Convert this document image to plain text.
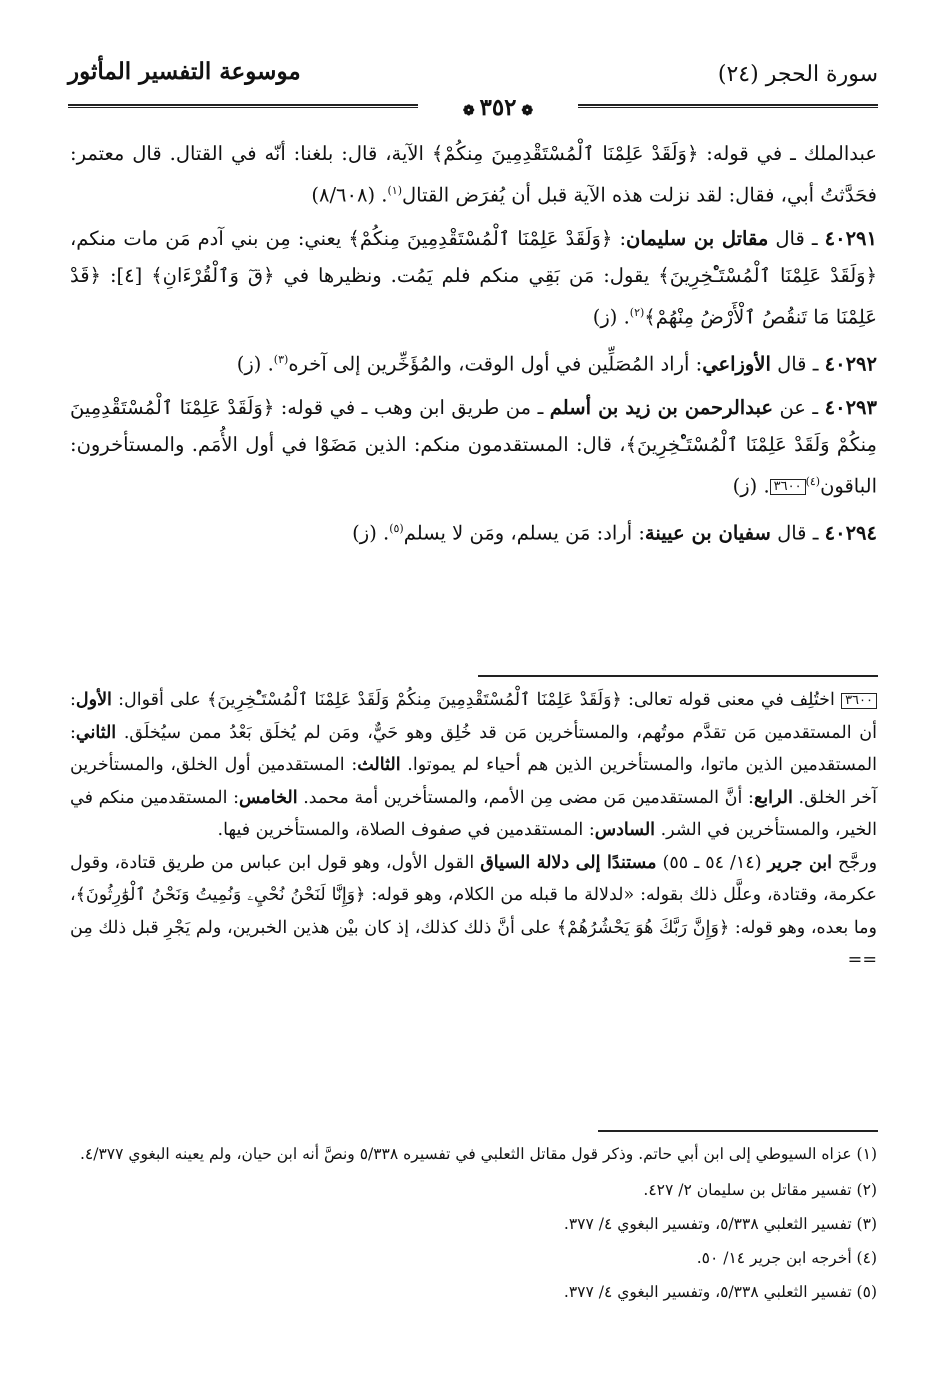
سورة الحجر (٢٤)
موسوعة التفسير المأثور
❁ ٣٥٢ ❁

عبدالملك ـ في قوله: ﴿وَلَقَدْ عَلِمْنَا ٱلْمُسْتَقْدِمِينَ مِنكُمْ﴾ الآية، قال: بلغنا: أنّه في القتال. قال معتمر: فحَدَّثتُ أبي، فقال: لقد نزلت هذه الآية قبل أن يُفرَض القتال$^{(١)}$. (٨/٦٠٨)

٤٠٢٩١ ـ قال مقاتل بن سليمان: ﴿وَلَقَدْ عَلِمْنَا ٱلْمُسْتَقْدِمِينَ مِنكُمْ﴾ يعني: مِن بني آدم مَن مات منكم، ﴿وَلَقَدْ عَلِمْنَا ٱلْمُسْتَـْٔخِرِينَ﴾ يقول: مَن بَقِي منكم فلم يَمُت. ونظيرها في ﴿قٓ وَٱلْقُرْءَانِ﴾ [٤]: ﴿قَدْ عَلِمْنَا مَا تَنقُصُ ٱلْأَرْضُ مِنْهُمْ﴾$^{(٢)}$. (ز)

٤٠٢٩٢ ـ قال الأوزاعي: أراد المُصَلِّين في أول الوقت، والمُؤَخِّرين إلى آخره$^{(٣)}$. (ز)

٤٠٢٩٣ ـ عن عبدالرحمن بن زيد بن أسلم ـ من طريق ابن وهب ـ في قوله: ﴿وَلَقَدْ عَلِمْنَا ٱلْمُسْتَقْدِمِينَ مِنكُمْ وَلَقَدْ عَلِمْنَا ٱلْمُسْتَـْٔخِرِينَ﴾، قال: المستقدمون منكم: الذين مَضَوْا في أول الأُمَم. والمستأخرون: الباقون$^{(٤)}$٣٦٠٠. (ز)

٤٠٢٩٤ ـ قال سفيان بن عيينة: أراد: مَن يسلم، ومَن لا يسلم$^{(٥)}$. (ز)

٣٦٠٠ اختُلِف في معنى قوله تعالى: ﴿وَلَقَدْ عَلِمْنَا ٱلْمُسْتَقْدِمِينَ مِنكُمْ وَلَقَدْ عَلِمْنَا ٱلْمُسْتَـْٔخِرِينَ﴾ على أقوال: الأول: أن المستقدمين مَن تقدَّم موتُهم، والمستأخرين مَن قد خُلِق وهو حَيٌّ، ومَن لم يُخلَق بَعْدُ ممن سيُخلَق. الثاني: المستقدمين الذين ماتوا، والمستأخرين الذين هم أحياء لم يموتوا. الثالث: المستقدمين أول الخلق، والمستأخرين آخر الخلق. الرابع: أنَّ المستقدمين مَن مضى مِن الأمم، والمستأخرين أمة محمد. الخامس: المستقدمين منكم في الخير، والمستأخرين في الشر. السادس: المستقدمين في صفوف الصلاة، والمستأخرين فيها.

ورجَّح ابن جرير (١٤/ ٥٤ ـ ٥٥) مستندًا إلى دلالة السياق القول الأول، وهو قول ابن عباس من طريق قتادة، وقول عكرمة، وقتادة، وعلَّل ذلك بقوله: «لدلالة ما قبله من الكلام، وهو قوله: ﴿وَإِنَّا لَنَحْنُ نُحْيِۦ وَنُمِيتُ وَنَحْنُ ٱلْوَٰرِثُونَ﴾، وما بعده، وهو قوله: ﴿وَإِنَّ رَبَّكَ هُوَ يَحْشُرُهُمْ﴾ على أنَّ ذلك كذلك، إذ كان بيْن هذين الخبرين، ولم يَجْرِ قبل ذلك مِن ==

(١) عزاه السيوطي إلى ابن أبي حاتم. وذكر قول مقاتل الثعلبي في تفسيره ٥/٣٣٨ ونصَّ أنه ابن حيان، ولم يعينه البغوي ٤/٣٧٧.

(٢) تفسير مقاتل بن سليمان ٢/ ٤٢٧.

(٣) تفسير الثعلبي ٥/٣٣٨، وتفسير البغوي ٤/ ٣٧٧.

(٤) أخرجه ابن جرير ١٤/ ٥٠.

(٥) تفسير الثعلبي ٥/٣٣٨، وتفسير البغوي ٤/ ٣٧٧.
